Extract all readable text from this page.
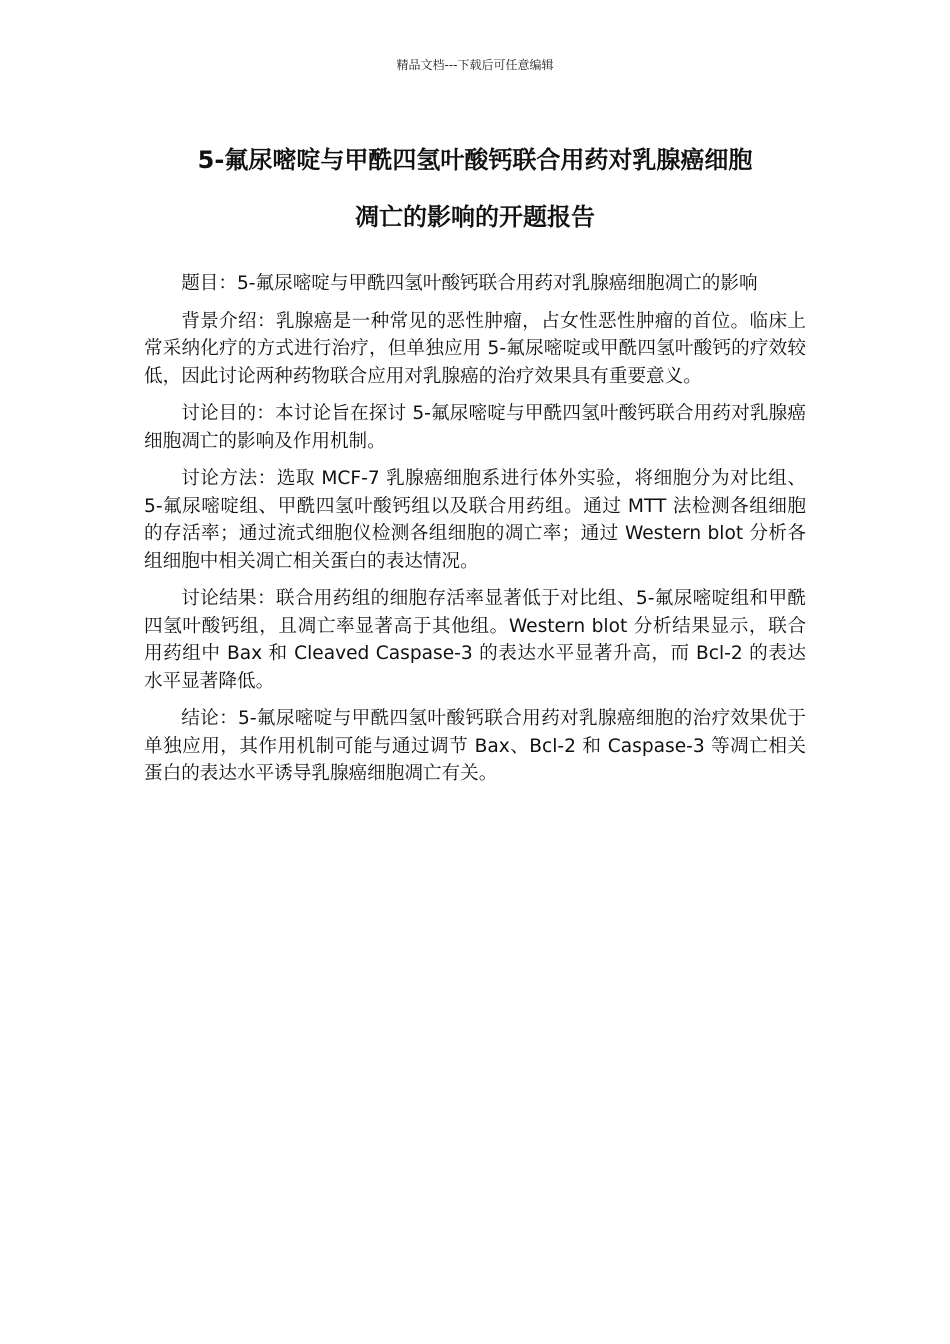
精品文档---下载后可任意编辑
5-氟尿嘧啶与甲酰四氢叶酸钙联合用药对乳腺癌细胞
凋亡的影响的开题报告

题目：5-氟尿嘧啶与甲酰四氢叶酸钙联合用药对乳腺癌细胞凋亡的影响

背景介绍：乳腺癌是一种常见的恶性肿瘤，占女性恶性肿瘤的首位。临床上常采纳化疗的方式进行治疗，但单独应用 5-氟尿嘧啶或甲酰四氢叶酸钙的疗效较低，因此讨论两种药物联合应用对乳腺癌的治疗效果具有重要意义。

讨论目的：本讨论旨在探讨 5-氟尿嘧啶与甲酰四氢叶酸钙联合用药对乳腺癌细胞凋亡的影响及作用机制。

讨论方法：选取 MCF-7 乳腺癌细胞系进行体外实验，将细胞分为对比组、5-氟尿嘧啶组、甲酰四氢叶酸钙组以及联合用药组。通过 MTT 法检测各组细胞的存活率；通过流式细胞仪检测各组细胞的凋亡率；通过 Western blot 分析各组细胞中相关凋亡相关蛋白的表达情况。

讨论结果：联合用药组的细胞存活率显著低于对比组、5-氟尿嘧啶组和甲酰四氢叶酸钙组，且凋亡率显著高于其他组。Western blot 分析结果显示，联合用药组中 Bax 和 Cleaved Caspase-3 的表达水平显著升高，而 Bcl-2 的表达水平显著降低。

结论：5-氟尿嘧啶与甲酰四氢叶酸钙联合用药对乳腺癌细胞的治疗效果优于单独应用，其作用机制可能与通过调节 Bax、Bcl-2 和 Caspase-3 等凋亡相关蛋白的表达水平诱导乳腺癌细胞凋亡有关。
